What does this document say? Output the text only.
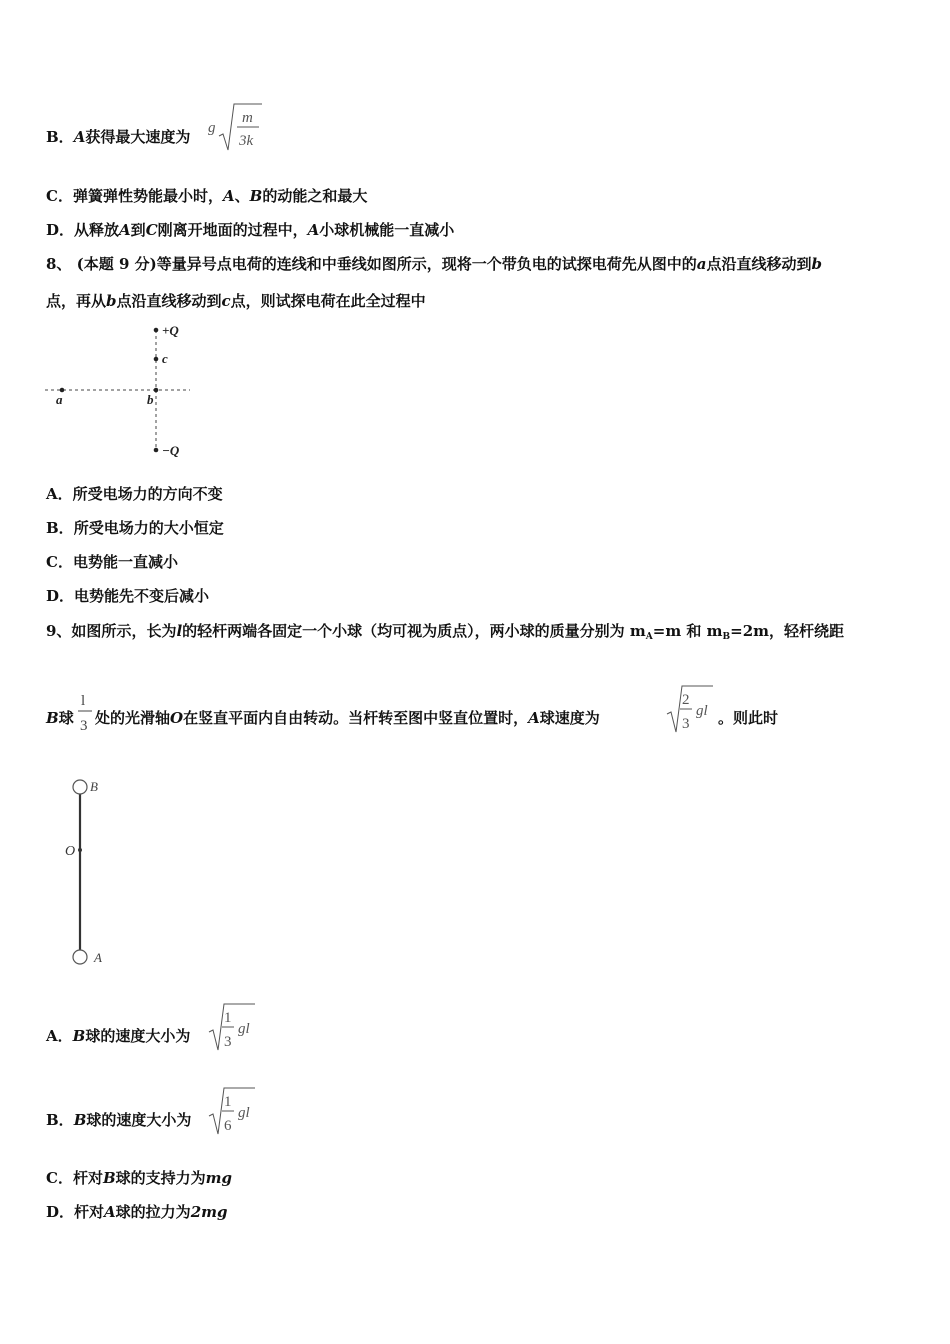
B．A获得最大速度为 g
m
3k
C．弹簧弹性势能最小时，A、B的动能之和最大
D．从释放A到C刚离开地面的过程中，A小球机械能一直减小
8、 (本题 9 分)等量异号点电荷的连线和中垂线如图所示，现将一个带负电的试探电荷先从图中的a点沿直线移动到b
点，再从b点沿直线移动到c点，则试探电荷在此全过程中
+Q
c
b
a
−Q
A．所受电场力的方向不变
B．所受电场力的大小恒定
C．电势能一直减小
D．电势能先不变后减小
9、如图所示，长为l的轻杆两端各固定一个小球（均可视为质点），两小球的质量分别为 $m_A=m$ 和 $m_B=2m$，轻杆绕距
B球
l
3 处的光滑轴O在竖直平面内自由转动。当杆转至图中竖直位置时，A球速度为
2
3
gl 。则此时
B
O
A
A．B球的速度大小为
1
3
gl
B．B球的速度大小为
1
6
gl
C．杆对B球的支持力为mg
D．杆对A球的拉力为2mg
